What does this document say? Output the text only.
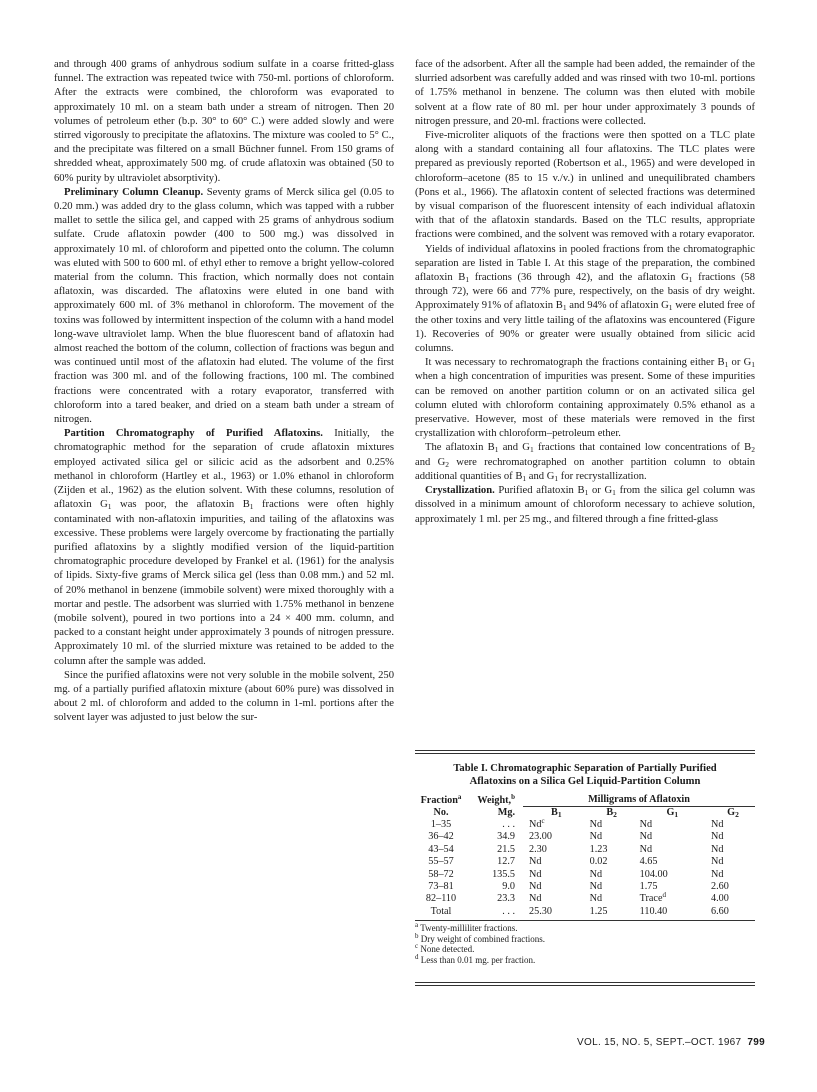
and through 400 grams of anhydrous sodium sulfate in a coarse fritted-glass funnel. The extraction was repeated twice with 750-ml. portions of chloroform. After the extracts were combined, the chloroform was evaporated to approximately 10 ml. on a steam bath under a stream of nitrogen. Then 20 volumes of petroleum ether (b.p. 30° to 60° C.) were added slowly and were stirred vigorously to precipitate the aflatoxins. The mixture was cooled to 5° C., and the precipitate was filtered on a small Büchner funnel. From 150 grams of shredded wheat, approximately 500 mg. of crude aflatoxin was obtained (50 to 60% purity by ultraviolet absorptivity).

Preliminary Column Cleanup. Seventy grams of Merck silica gel (0.05 to 0.20 mm.) was added dry to the glass column, which was tapped with a rubber mallet to settle the silica gel, and capped with 25 grams of anhydrous sodium sulfate. Crude aflatoxin powder (400 to 500 mg.) was dissolved in approximately 10 ml. of chloroform and pipetted onto the column. The column was eluted with 500 to 600 ml. of ethyl ether to remove a bright yellow-colored material from the column. This fraction, which normally does not contain aflatoxin, was discarded. The aflatoxins were eluted in one band with approximately 600 ml. of 3% methanol in chloroform. The movement of the toxins was followed by intermittent inspection of the column with a hand model long-wave ultraviolet lamp. When the blue fluorescent band of aflatoxin had almost reached the bottom of the column, collection of fractions was begun and was continued until most of the aflatoxin had eluted. The volume of the first fraction was 300 ml. and of the following fractions, 100 ml. The combined fractions were concentrated with a rotary evaporator, transferred with chloroform into a tared beaker, and dried on a steam bath under a stream of nitrogen.

Partition Chromatography of Purified Aflatoxins. Initially, the chromatographic method for the separation of crude aflatoxin mixtures employed activated silica gel or silicic acid as the adsorbent and 0.25% methanol in chloroform (Hartley et al., 1963) or 1.0% ethanol in chloroform (Zijden et al., 1962) as the elution solvent. With these columns, resolution of aflatoxin $G_1$ was poor, the aflatoxin $B_1$ fractions were often highly contaminated with non-aflatoxin impurities, and tailing of the aflatoxins was excessive. These problems were largely overcome by fractionating the partially purified aflatoxins by a slightly modified version of the liquid-partition chromatographic procedure developed by Frankel et al. (1961) for the analysis of lipids. Sixty-five grams of Merck silica gel (less than 0.08 mm.) and 52 ml. of 20% methanol in benzene (immobile solvent) were mixed thoroughly with a mortar and pestle. The adsorbent was slurried with 1.75% methanol in benzene (mobile solvent), poured in two portions into a 24 × 400 mm. column, and packed to a constant height under approximately 3 pounds of nitrogen pressure. Approximately 10 ml. of the slurried mixture was retained to be added to the column after the sample was added.

Since the purified aflatoxins were not very soluble in the mobile solvent, 250 mg. of a partially purified aflatoxin mixture (about 60% pure) was dissolved in about 2 ml. of chloroform and added to the column in 1-ml. portions after the solvent layer was adjusted to just below the sur-

face of the adsorbent. After all the sample had been added, the remainder of the slurried adsorbent was carefully added and was rinsed with two 10-ml. portions of 1.75% methanol in benzene. The column was then eluted with mobile solvent at a flow rate of 80 ml. per hour under approximately 3 pounds of nitrogen pressure, and 20-ml. fractions were collected.

Five-microliter aliquots of the fractions were then spotted on a TLC plate along with a standard containing all four aflatoxins. The TLC plates were prepared as previously reported (Robertson et al., 1965) and were developed in chloroform–acetone (85 to 15 v./v.) in unlined and unequilibrated chambers (Pons et al., 1966). The aflatoxin content of selected fractions was determined by visual comparison of the fluorescent intensity of each individual aflatoxin with that of the aflatoxin standards. Based on the TLC results, appropriate fractions were combined, and the solvent was removed with a rotary evaporator.

Yields of individual aflatoxins in pooled fractions from the chromatographic separation are listed in Table I. At this stage of the preparation, the combined aflatoxin $B_1$ fractions (36 through 42), and the aflatoxin $G_1$ fractions (58 through 72), were 66 and 77% pure, respectively, on the basis of dry weight. Approximately 91% of aflatoxin $B_1$ and 94% of aflatoxin $G_1$ were eluted free of the other toxins and very little tailing of the aflatoxins was encountered (Figure 1). Recoveries of 90% or greater were usually obtained from silicic acid columns.

It was necessary to rechromatograph the fractions containing either $B_1$ or $G_1$ when a high concentration of impurities was present. Some of these impurities can be removed on another partition column or on an activated silica gel column eluted with chloroform containing approximately 0.5% ethanol as a preservative. However, most of these materials were removed in the first crystallization with chloroform–petroleum ether.

The aflatoxin $B_1$ and $G_1$ fractions that contained low concentrations of $B_2$ and $G_2$ were rechromatographed on another partition column to obtain additional quantities of $B_1$ and $G_1$ for recrystallization.

Crystallization. Purified aflatoxin $B_1$ or $G_1$ from the silica gel column was dissolved in a minimum amount of chloroform necessary to achieve solution, approximately 1 ml. per 25 mg., and filtered through a fine fritted-glass

Table I. Chromatographic Separation of Partially Purified
Aflatoxins on a Silica Gel Liquid-Partition Column
Fraction$^a$
No.	Weight,$^b$
Mg.	Milligrams of Aflatoxin			

		$B_1$	$B_2$	$G_1$	$G_2$
1–35	. . .	Nd$^c$	Nd	Nd	Nd
36–42	34.9	23.00	Nd	Nd	Nd
43–54	21.5	2.30	1.23	Nd	Nd
55–57	12.7	Nd	0.02	4.65	Nd
58–72	135.5	Nd	Nd	104.00	Nd
73–81	9.0	Nd	Nd	1.75	2.60
82–110	23.3	Nd	Nd	Trace$^d$	4.00
Total	. . .	25.30	1.25	110.40	6.60
$^a$ Twenty-milliliter fractions.
$^b$ Dry weight of combined fractions.
$^c$ None detected.
$^d$ Less than 0.01 mg. per fraction.
VOL. 15, NO. 5, SEPT.–OCT. 1967 799
